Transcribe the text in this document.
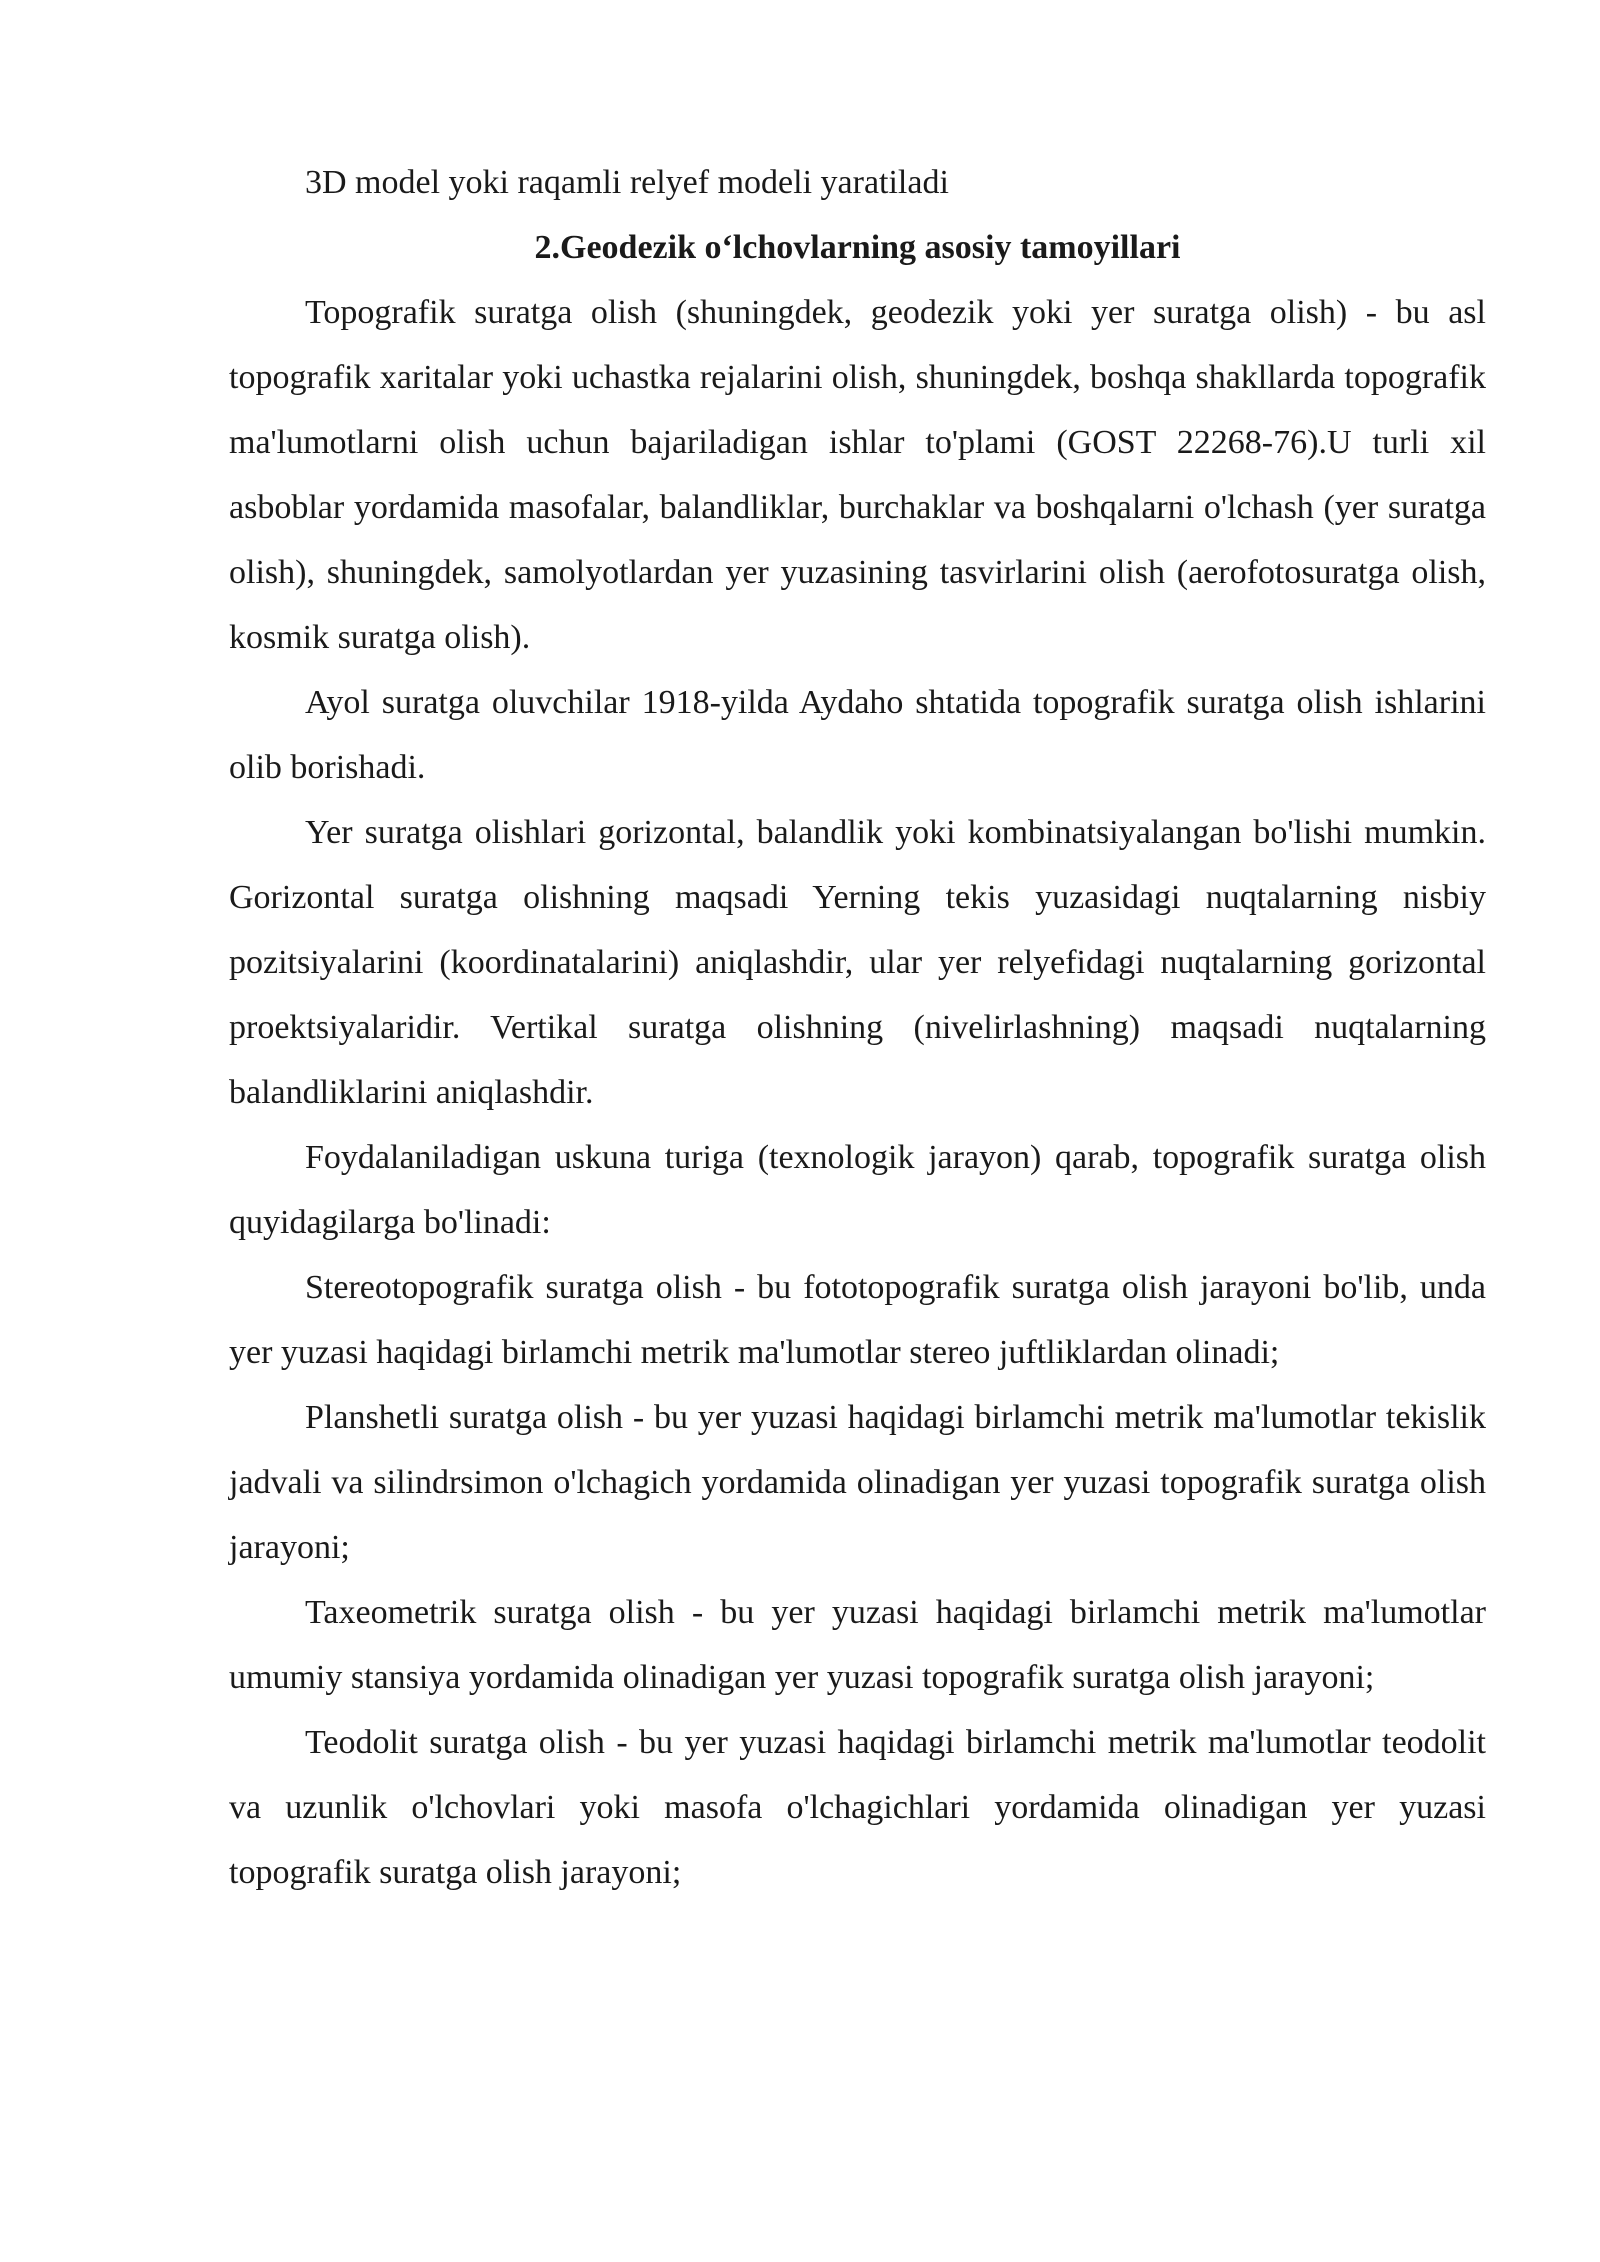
3D model yoki raqamli relyef modeli yaratiladi

2.Geodezik o‘lchovlarning asosiy tamoyillari

Topografik suratga olish (shuningdek, geodezik yoki yer suratga olish) - bu asl topografik xaritalar yoki uchastka rejalarini olish, shuningdek, boshqa shakllarda topografik ma'lumotlarni olish uchun bajariladigan ishlar to'plami (GOST 22268-76).U turli xil asboblar yordamida masofalar, balandliklar, burchaklar va boshqalarni o'lchash (yer suratga olish), shuningdek, samolyotlardan yer yuzasining tasvirlarini olish (aerofotosuratga olish, kosmik suratga olish).

Ayol suratga oluvchilar 1918-yilda Aydaho shtatida topografik suratga olish ishlarini olib borishadi.

Yer suratga olishlari gorizontal, balandlik yoki kombinatsiyalangan bo'lishi mumkin. Gorizontal suratga olishning maqsadi Yerning tekis yuzasidagi nuqtalarning nisbiy pozitsiyalarini (koordinatalarini) aniqlashdir, ular yer relyefidagi nuqtalarning gorizontal proektsiyalaridir. Vertikal suratga olishning (nivelirlashning) maqsadi nuqtalarning balandliklarini aniqlashdir.

Foydalaniladigan uskuna turiga (texnologik jarayon) qarab, topografik suratga olish quyidagilarga bo'linadi:

Stereotopografik suratga olish - bu fototopografik suratga olish jarayoni bo'lib, unda yer yuzasi haqidagi birlamchi metrik ma'lumotlar stereo juftliklardan olinadi;

Planshetli suratga olish - bu yer yuzasi haqidagi birlamchi metrik ma'lumotlar tekislik jadvali va silindrsimon o'lchagich yordamida olinadigan yer yuzasi topografik suratga olish jarayoni;

Taxeometrik suratga olish - bu yer yuzasi haqidagi birlamchi metrik ma'lumotlar umumiy stansiya yordamida olinadigan yer yuzasi topografik suratga olish jarayoni;

Teodolit suratga olish - bu yer yuzasi haqidagi birlamchi metrik ma'lumotlar teodolit va uzunlik o'lchovlari yoki masofa o'lchagichlari yordamida olinadigan yer yuzasi topografik suratga olish jarayoni;
